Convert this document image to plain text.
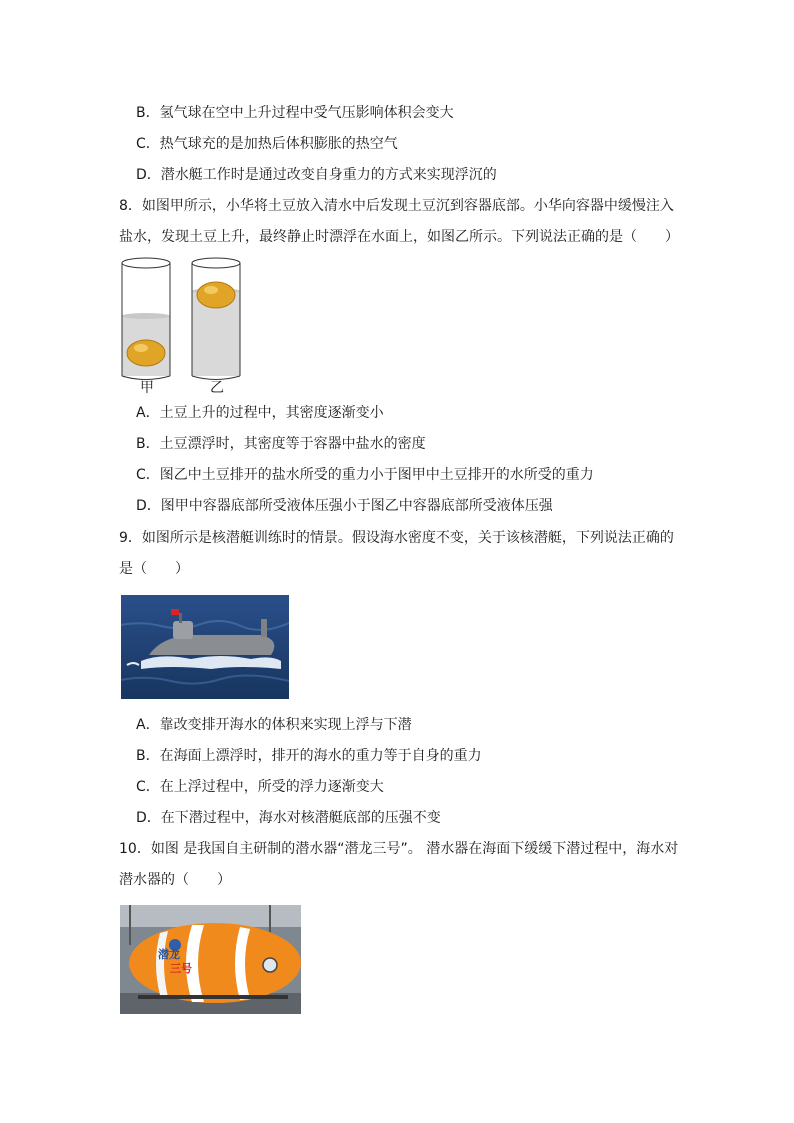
B．氢气球在空中上升过程中受气压影响体积会变大
C．热气球充的是加热后体积膨胀的热空气
D．潜水艇工作时是通过改变自身重力的方式来实现浮沉的
8．如图甲所示，小华将土豆放入清水中后发现土豆沉到容器底部。小华向容器中缓慢注入
盐水，发现土豆上升，最终静止时漂浮在水面上，如图乙所示。下列说法正确的是（　　）
甲	乙
A．土豆上升的过程中，其密度逐渐变小
B．土豆漂浮时，其密度等于容器中盐水的密度
C．图乙中土豆排开的盐水所受的重力小于图甲中土豆排开的水所受的重力
D．图甲中容器底部所受液体压强小于图乙中容器底部所受液体压强
9．如图所示是核潜艇训练时的情景。假设海水密度不变，关于该核潜艇，下列说法正确的
是（　　）
A．靠改变排开海水的体积来实现上浮与下潜
B．在海面上漂浮时，排开的海水的重力等于自身的重力
C．在上浮过程中，所受的浮力逐渐变大
D．在下潜过程中，海水对核潜艇底部的压强不变
10．如图 是我国自主研制的潜水器“潜龙三号”。 潜水器在海面下缓缓下潜过程中，海水对
潜水器的（　　）
潜龙
三号
